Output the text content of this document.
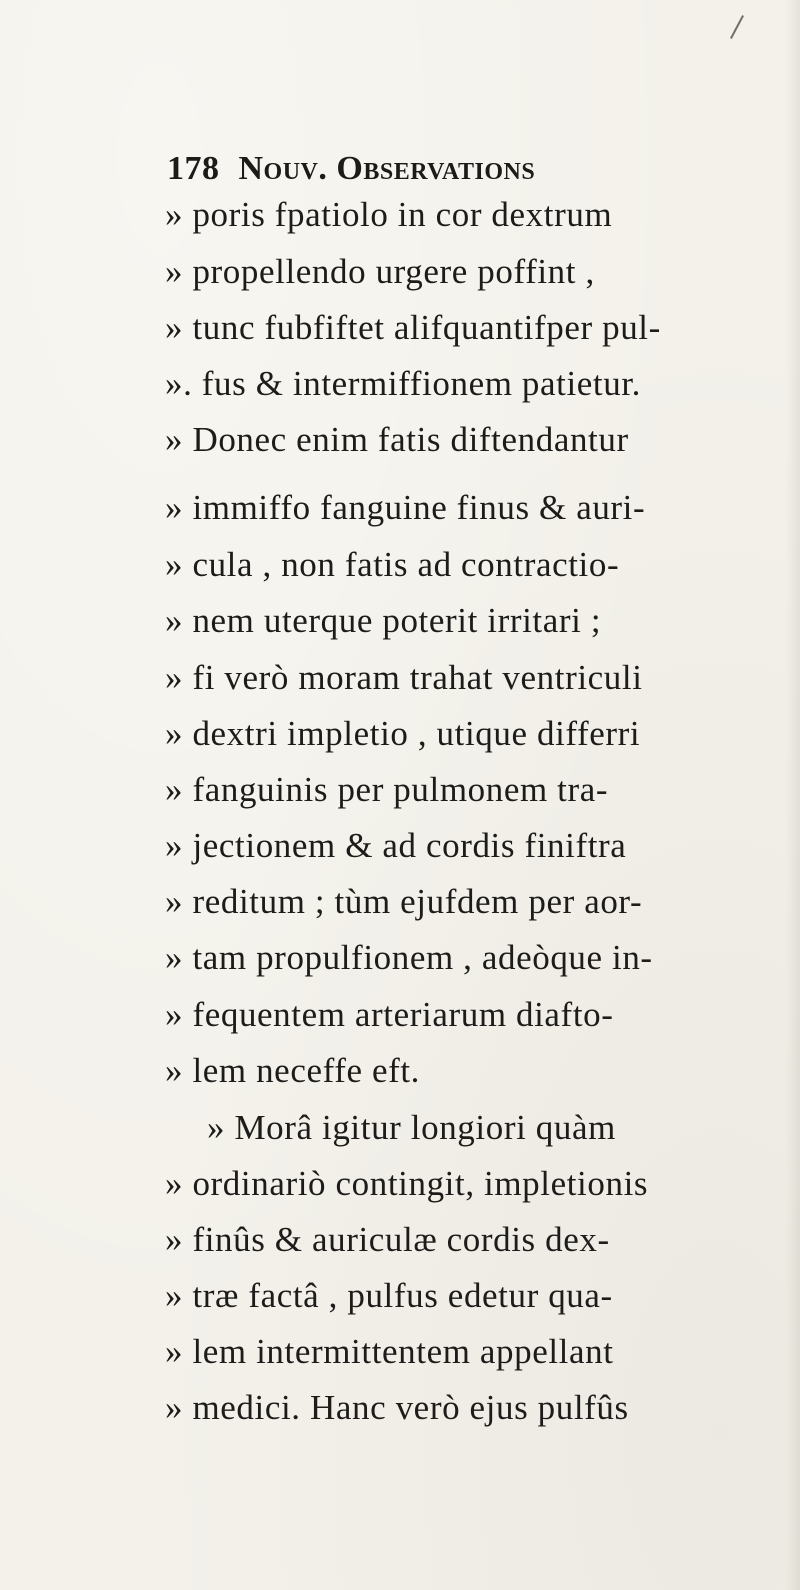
178 Nouv. Observations
» poris fpatiolo in cor dextrum
» propellendo urgere poffint ,
» tunc fubfiftet alifquantifper pul-
». fus & intermiffionem patietur.
» Donec enim fatis diftendantur
» immiffo fanguine finus & auri-
» cula , non fatis ad contractio-
» nem uterque poterit irritari ;
» fi verò moram trahat ventriculi
» dextri impletio , utique differri
» fanguinis per pulmonem tra-
» jectionem & ad cordis finiftra
» reditum ; tùm ejufdem per aor-
» tam propulfionem , adeòque in-
» fequentem arteriarum diafto-
» lem neceffe eft.
» Morâ igitur longiori quàm
» ordinariò contingit, impletionis
» finûs & auriculæ cordis dex-
» træ factâ , pulfus edetur qua-
» lem intermittentem appellant
» medici. Hanc verò ejus pulfûs
